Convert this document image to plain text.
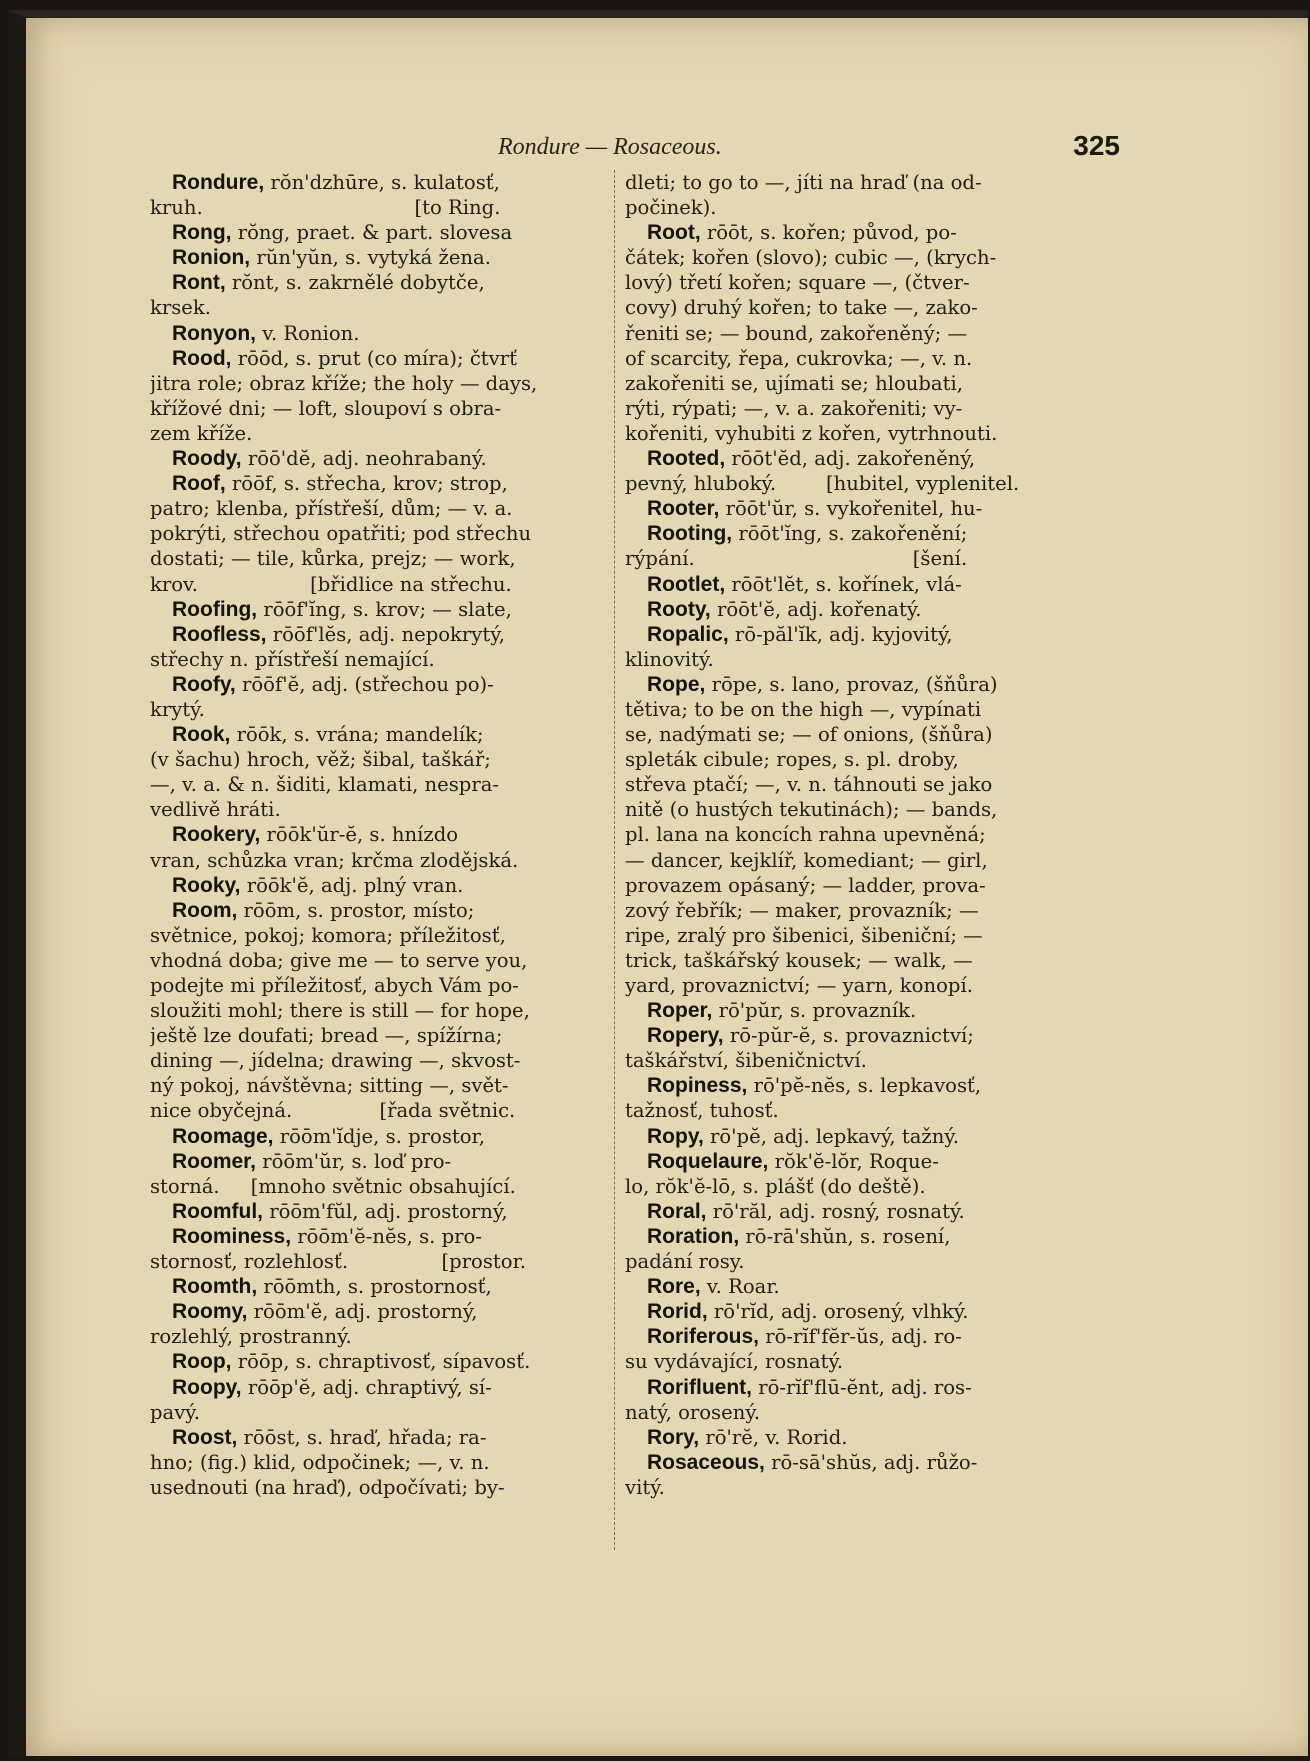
Rondure — Rosaceous.	325
Rondure, rŏn'dzhūre, s. kulatosť,
kruh.                                  [to Ring.
Rong, rŏng, praet. & part. slovesa
Ronion, rŭn'yŭn, s. vytyká žena.
Ront, rŏnt, s. zakrnělé dobytče,
krsek.
Ronyon, v. Ronion.
Rood, rōōd, s. prut (co míra); čtvrť
jitra role; obraz kříže; the holy — days,
křížové dni; — loft, sloupoví s obra-
zem kříže.
Roody, rōō'dĕ, adj. neohrabaný.
Roof, rōōf, s. střecha, krov; strop,
patro; klenba, přístřeší, dům; — v. a.
pokrýti, střechou opatřiti; pod střechu
dostati; — tile, kůrka, prejz; — work,
krov.                  [břidlice na střechu.
Roofing, rōōf'ĭng, s. krov; — slate,
Roofless, rōōf'lĕs, adj. nepokrytý,
střechy n. přístřeší nemající.
Roofy, rōōf'ĕ, adj. (střechou po)-
krytý.
Rook, rōōk, s. vrána; mandelík;
(v šachu) hroch, věž; šibal, taškář;
—, v. a. & n. šiditi, klamati, nespra-
vedlivě hráti.
Rookery, rōōk'ŭr-ĕ, s. hnízdo
vran, schůzka vran; krčma zlodějská.
Rooky, rōōk'ĕ, adj. plný vran.
Room, rōōm, s. prostor, místo;
světnice, pokoj; komora; příležitosť,
vhodná doba; give me — to serve you,
podejte mi příležitosť, abych Vám po-
sloužiti mohl; there is still — for hope,
ještě lze doufati; bread —, spížírna;
dining —, jídelna; drawing —, skvost-
ný pokoj, návštěvna; sitting —, svět-
nice obyčejná.              [řada světnic.
Roomage, rōōm'ĭdje, s. prostor,
Roomer, rōōm'ŭr, s. loď pro-
storná.     [mnoho světnic obsahující.
Roomful, rōōm'fŭl, adj. prostorný,
Roominess, rōōm'ĕ-nĕs, s. pro-
stornosť, rozlehlosť.               [prostor.
Roomth, rōōmth, s. prostornosť,
Roomy, rōōm'ĕ, adj. prostorný,
rozlehlý, prostranný.
Roop, rōōp, s. chraptivosť, sípavosť.
Roopy, rōōp'ĕ, adj. chraptivý, sí-
pavý.
Roost, rōōst, s. hraď, hřada; ra-
hno; (fig.) klid, odpočinek; —, v. n.
usednouti (na hraď), odpočívati; by-
dleti; to go to —, jíti na hraď (na od-
počinek).
Root, rōōt, s. kořen; původ, po-
čátek; kořen (slovo); cubic —, (krych-
lový) třetí kořen; square —, (čtver-
covy) druhý kořen; to take —, zako-
řeniti se; — bound, zakořeněný; —
of scarcity, řepa, cukrovka; —, v. n.
zakořeniti se, ujímati se; hloubati,
rýti, rýpati; —, v. a. zakořeniti; vy-
kořeniti, vyhubiti z kořen, vytrhnouti.
Rooted, rōōt'ĕd, adj. zakořeněný,
pevný, hluboký.        [hubitel, vyplenitel.
Rooter, rōōt'ŭr, s. vykořenitel, hu-
Rooting, rōōt'ĭng, s. zakořenění;
rýpání.                                   [šení.
Rootlet, rōōt'lĕt, s. kořínek, vlá-
Rooty, rōōt'ĕ, adj. kořenatý.
Ropalic, rō-păl'ĭk, adj. kyjovitý,
klinovitý.
Rope, rōpe, s. lano, provaz, (šňůra)
tětiva; to be on the high —, vypínati
se, nadýmati se; — of onions, (šňůra)
spleták cibule; ropes, s. pl. droby,
střeva ptačí; —, v. n. táhnouti se jako
nitě (o hustých tekutinách); — bands,
pl. lana na koncích rahna upevněná;
— dancer, kejklíř, komediant; — girl,
provazem opásaný; — ladder, prova-
zový řebřík; — maker, provazník; —
ripe, zralý pro šibenici, šibeniční; —
trick, taškářský kousek; — walk, —
yard, provaznictví; — yarn, konopí.
Roper, rō'pŭr, s. provazník.
Ropery, rō-pŭr-ĕ, s. provaznictví;
taškářství, šibeničnictví.
Ropiness, rō'pĕ-nĕs, s. lepkavosť,
tažnosť, tuhosť.
Ropy, rō'pĕ, adj. lepkavý, tažný.
Roquelaure, rŏk'ĕ-lŏr, Roque-
lo, rŏk'ĕ-lō, s. plášť (do deště).
Roral, rō'răl, adj. rosný, rosnatý.
Roration, rō-rā'shŭn, s. rosení,
padání rosy.
Rore, v. Roar.
Rorid, rō'rĭd, adj. orosený, vlhký.
Roriferous, rō-rĭf'fĕr-ŭs, adj. ro-
su vydávající, rosnatý.
Rorifluent, rō-rĭf'flū-ĕnt, adj. ros-
natý, orosený.
Rory, rō'rĕ, v. Rorid.
Rosaceous, rō-sā'shŭs, adj. růžo-
vitý.
